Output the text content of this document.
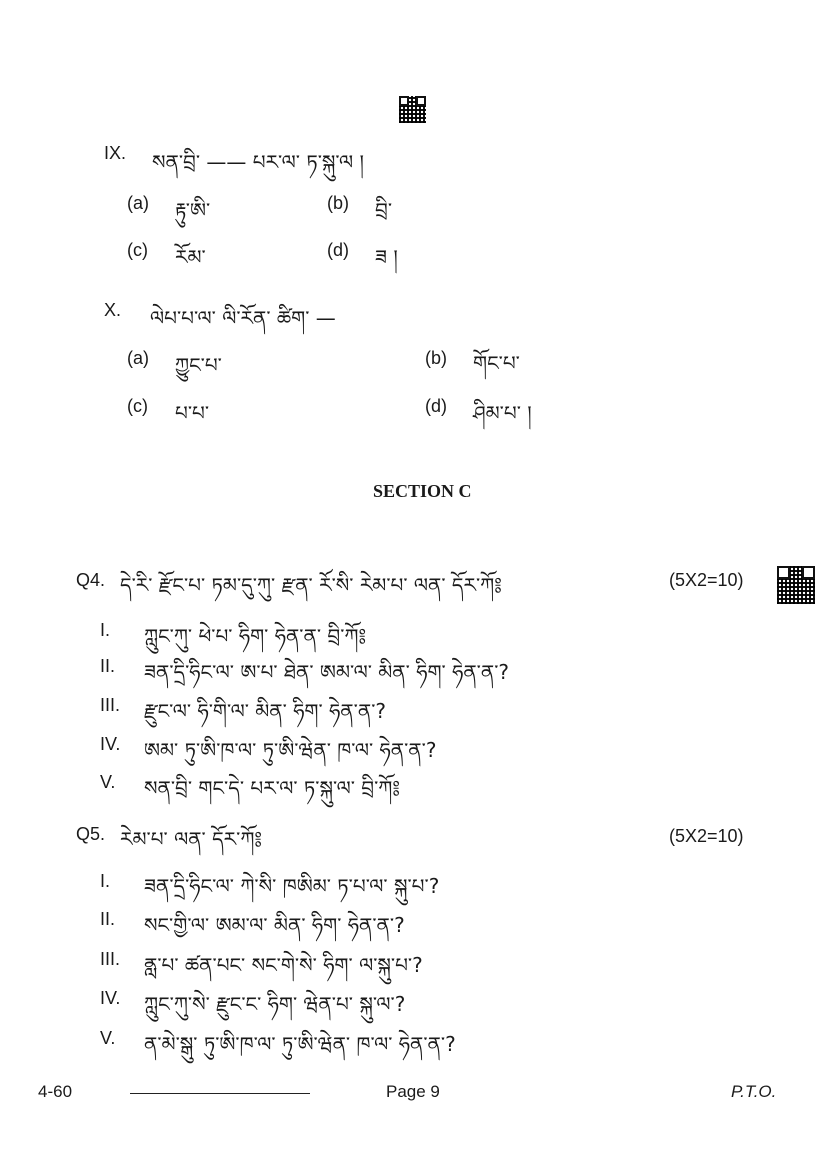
IX. སན་བྲི་ —— པར་ལ་ ཏ་སྐུ་ལ །
(a) རྟུ་ཨི་	(b) བྲི་
(c) རོམ་	(d) ཟ །
X. ལེཔ་པ་ལ་ ལི་རོན་ ཚིག་ —
(a) ཀྱུང་པ་	(b) གོང་པ་
(c) པ་པ་	(d) ཤིམ་པ་ །
SECTION C
Q4. དེ་རི་ རྫོང་པ་ ཏམ་དུ་ཀུ་ རྫན་ རོ་སི་ རེམ་པ་ ལན་ དོར་ཀོ༔	(5X2=10)
I. ཀླུང་ཀུ་ ཕེ་པ་ ཧིག་ ཧེན་ན་ བྲི་ཀོ༔
II. ཟན་དྲི་ཧིང་ལ་ ཨ་པ་ ཐེན་ ཨམ་ལ་ མིན་ ཧིག་ ཧེན་ན་?
III. རྫུང་ལ་ ཧི་གི་ལ་ མིན་ ཧིག་ ཧེན་ན་?
IV. ཨམ་ ཏུ་ཨི་ཁ་ལ་ ཏུ་ཨི་ཝེན་ ཁ་ལ་ ཧེན་ན་?
V. སན་བྲི་ གང་དེ་ པར་ལ་ ཏ་སྐུ་ལ་ བྲི་ཀོ༔
Q5. རེམ་པ་ ལན་ དོར་ཀོ༔	(5X2=10)
I. ཟན་དྲི་ཧིང་ལ་ ཀེ་སི་ ཁཨིམ་ ཏ་པ་ལ་ སྐུ་པ་?
II. སང་གྱི་ལ་ ཨམ་ལ་ མིན་ ཧིག་ ཧེན་ན་?
III. ནླ་པ་ ཚན་པང་ སང་གེ་སེ་ ཧིག་ ལ་སྐུ་པ་?
IV. ཀླུང་ཀུ་སེ་ རྫུང་ང་ ཧིག་ ཝེན་པ་ སྐུ་ལ་?
V. ན་མེ་སྒུ་ ཏུ་ཨི་ཁ་ལ་ ཏུ་ཨི་ཝེན་ ཁ་ལ་ ཧེན་ན་?
4-60	Page 9	P.T.O.
